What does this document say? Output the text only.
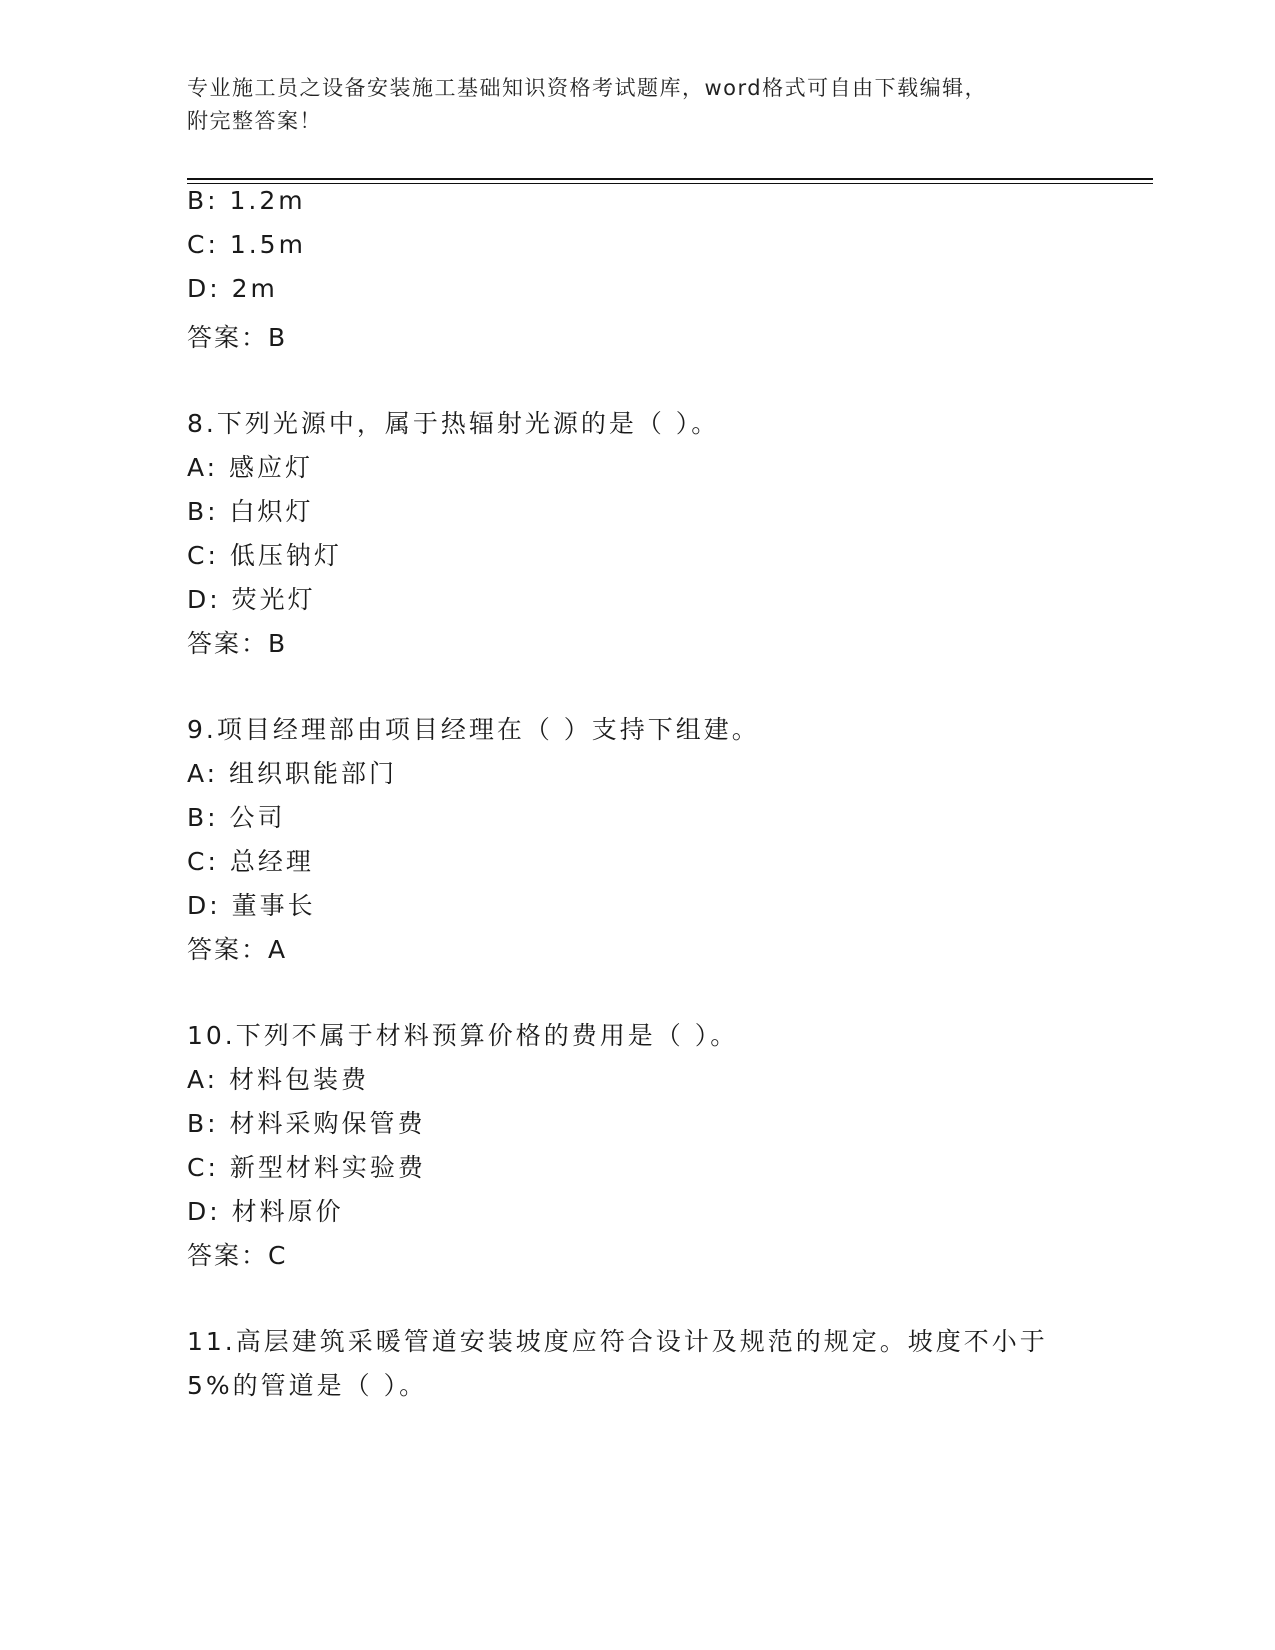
专业施工员之设备安装施工基础知识资格考试题库，word格式可自由下载编辑，
附完整答案！
B: 1.2m
C: 1.5m
D: 2m
答案：B
8.下列光源中，属于热辐射光源的是（ ）。
A: 感应灯
B: 白炽灯
C: 低压钠灯
D: 荧光灯
答案：B
9.项目经理部由项目经理在（ ）支持下组建。
A: 组织职能部门
B: 公司
C: 总经理
D: 董事长
答案：A
10.下列不属于材料预算价格的费用是（ ）。
A: 材料包装费
B: 材料采购保管费
C: 新型材料实验费
D: 材料原价
答案：C
11.高层建筑采暖管道安装坡度应符合设计及规范的规定。坡度不小于
5%的管道是（ ）。
